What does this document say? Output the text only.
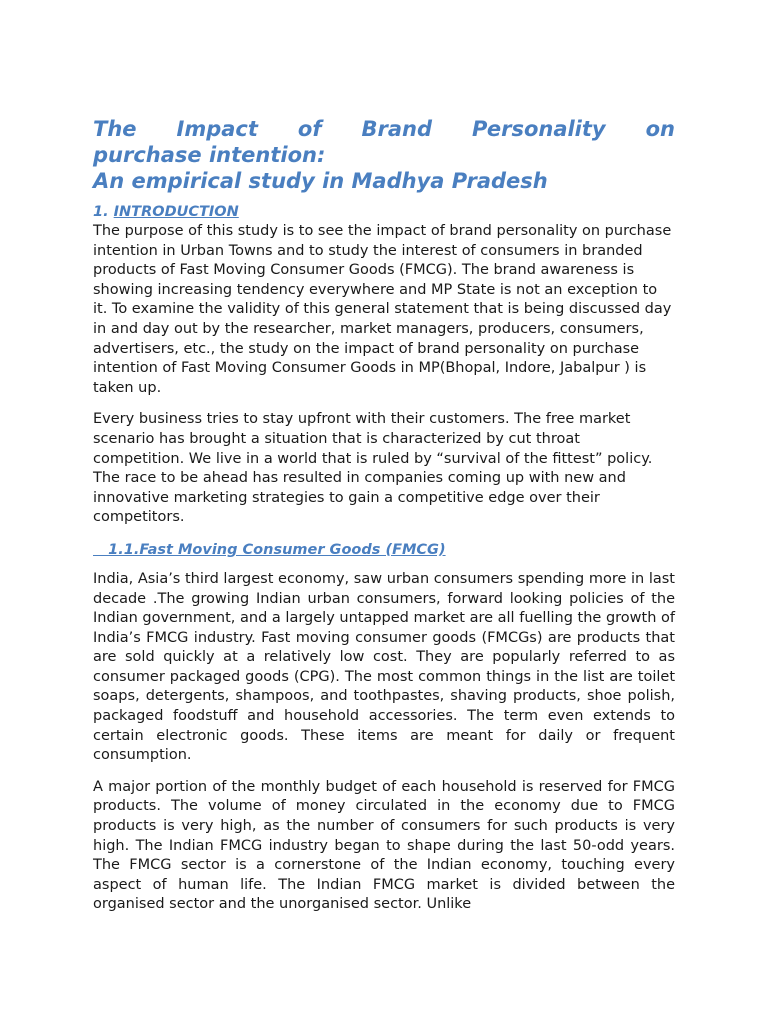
The Impact of Brand Personality on
purchase intention:
An empirical study in Madhya Pradesh
1. INTRODUCTION

The purpose of this study is to see the impact of brand personality on purchase intention in Urban Towns and to study the interest of consumers in branded products of Fast Moving Consumer Goods (FMCG). The brand awareness is showing increasing tendency everywhere and MP State is not an exception to it. To examine the validity of this general statement that is being discussed day in and day out by the researcher, market managers, producers, consumers, advertisers, etc., the study on the impact of brand personality on purchase intention of Fast Moving Consumer Goods in MP(Bhopal, Indore, Jabalpur ) is taken up.

Every business tries to stay upfront with their customers. The free market scenario has brought a situation that is characterized by cut throat competition. We live in a world that is ruled by “survival of the fittest” policy. The race to be ahead has resulted in companies coming up with new and innovative marketing strategies to gain a competitive edge over their competitors.

1.1.Fast Moving Consumer Goods (FMCG)

India, Asia’s third largest economy, saw urban consumers spending more in last decade .The growing Indian urban consumers, forward looking policies of the Indian government, and a largely untapped market are all fuelling the growth of India’s FMCG industry. Fast moving consumer goods (FMCGs) are products that are sold quickly at a relatively low cost. They are popularly referred to as consumer packaged goods (CPG). The most common things in the list are toilet soaps, detergents, shampoos, and toothpastes, shaving products, shoe polish, packaged foodstuff and household accessories. The term even extends to certain electronic goods. These items are meant for daily or frequent consumption.

A major portion of the monthly budget of each household is reserved for FMCG products. The volume of money circulated in the economy due to FMCG products is very high, as the number of consumers for such products is very high. The Indian FMCG industry began to shape during the last 50-odd years. The FMCG sector is a cornerstone of the Indian economy, touching every aspect of human life. The Indian FMCG market is divided between the organised sector and the unorganised sector. Unlike
